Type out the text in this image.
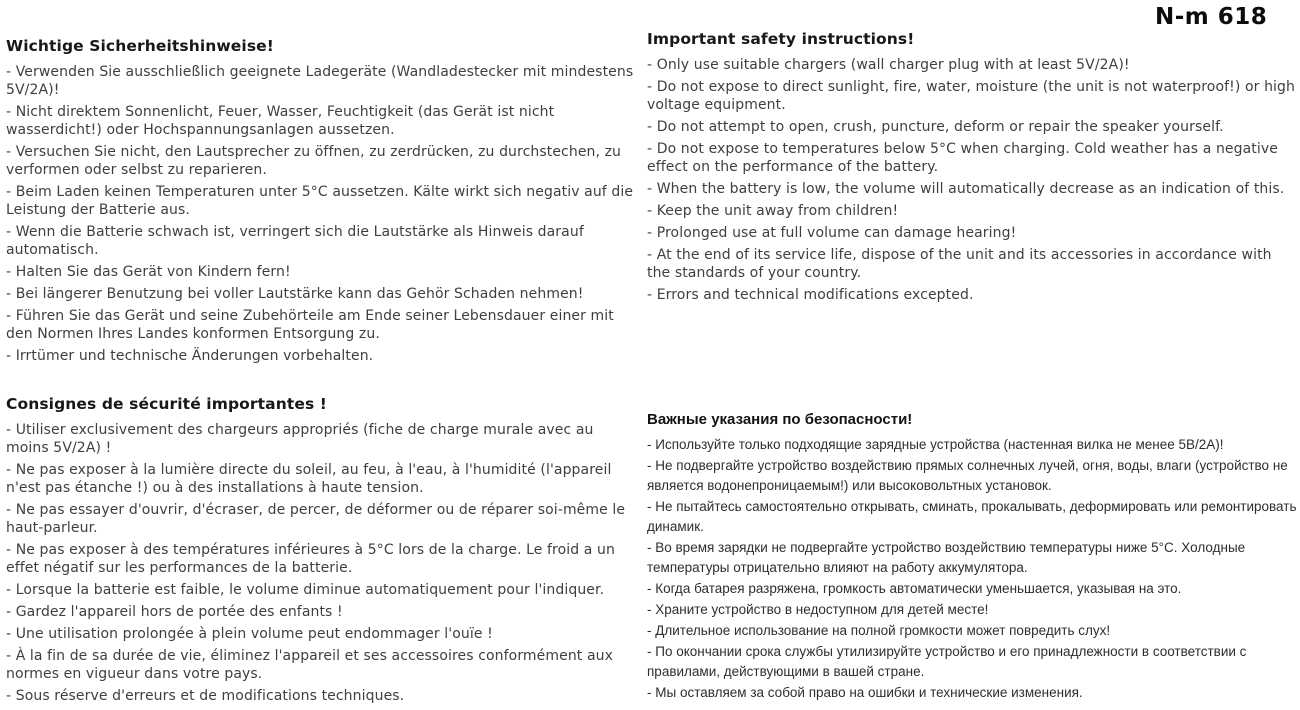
N-m 618
Wichtige Sicherheitshinweise!

- Verwenden Sie ausschließlich geeignete Ladegeräte (Wandladestecker mit mindestens 5V/2A)!

- Nicht direktem Sonnenlicht, Feuer, Wasser, Feuchtigkeit (das Gerät ist nicht wasserdicht!) oder Hochspannungsanlagen aussetzen.

- Versuchen Sie nicht, den Lautsprecher zu öffnen, zu zerdrücken, zu durchstechen, zu verformen oder selbst zu reparieren.

- Beim Laden keinen Temperaturen unter 5°C aussetzen. Kälte wirkt sich negativ auf die Leistung der Batterie aus.

- Wenn die Batterie schwach ist, verringert sich die Lautstärke als Hinweis darauf automatisch.

- Halten Sie das Gerät von Kindern fern!

- Bei längerer Benutzung bei voller Lautstärke kann das Gehör Schaden nehmen!

- Führen Sie das Gerät und seine Zubehörteile am Ende seiner Lebensdauer einer mit den Normen Ihres Landes konformen Entsorgung zu.

- Irrtümer und technische Änderungen vorbehalten.

Important safety instructions!

- Only use suitable chargers (wall charger plug with at least 5V/2A)!

- Do not expose to direct sunlight, fire, water, moisture (the unit is not waterproof!) or high voltage equipment.

- Do not attempt to open, crush, puncture, deform or repair the speaker yourself.

- Do not expose to temperatures below 5°C when charging. Cold weather has a negative effect on the performance of the battery.

- When the battery is low, the volume will automatically decrease as an indication of this.

- Keep the unit away from children!

- Prolonged use at full volume can damage hearing!

- At the end of its service life, dispose of the unit and its accessories in accordance with the standards of your country.

- Errors and technical modifications excepted.

Consignes de sécurité importantes !

- Utiliser exclusivement des chargeurs appropriés (fiche de charge murale avec au moins 5V/2A) !

- Ne pas exposer à la lumière directe du soleil, au feu, à l'eau, à l'humidité (l'appareil n'est pas étanche !) ou à des installations à haute tension.

- Ne pas essayer d'ouvrir, d'écraser, de percer, de déformer ou de réparer soi-même le haut-parleur.

- Ne pas exposer à des températures inférieures à 5°C lors de la charge. Le froid a un effet négatif sur les performances de la batterie.

- Lorsque la batterie est faible, le volume diminue automatiquement pour l'indiquer.

- Gardez l'appareil hors de portée des enfants !

- Une utilisation prolongée à plein volume peut endommager l'ouïe !

- À la fin de sa durée de vie, éliminez l'appareil et ses accessoires conformément aux normes en vigueur dans votre pays.

- Sous réserve d'erreurs et de modifications techniques.

Важные указания по безопасности!

- Используйте только подходящие зарядные устройства (настенная вилка не менее 5В/2А)!

- Не подвергайте устройство воздействию прямых солнечных лучей, огня, воды, влаги (устройство не является водонепроницаемым!) или высоковольтных установок.

- Не пытайтесь самостоятельно открывать, сминать, прокалывать, деформировать или ремонтировать динамик.

- Во время зарядки не подвергайте устройство воздействию температуры ниже 5°C. Холодные температуры отрицательно влияют на работу аккумулятора.

- Когда батарея разряжена, громкость автоматически уменьшается, указывая на это.

- Храните устройство в недоступном для детей месте!

- Длительное использование на полной громкости может повредить слух!

- По окончании срока службы утилизируйте устройство и его принадлежности в соответствии с правилами, действующими в вашей стране.

- Мы оставляем за собой право на ошибки и технические изменения.
